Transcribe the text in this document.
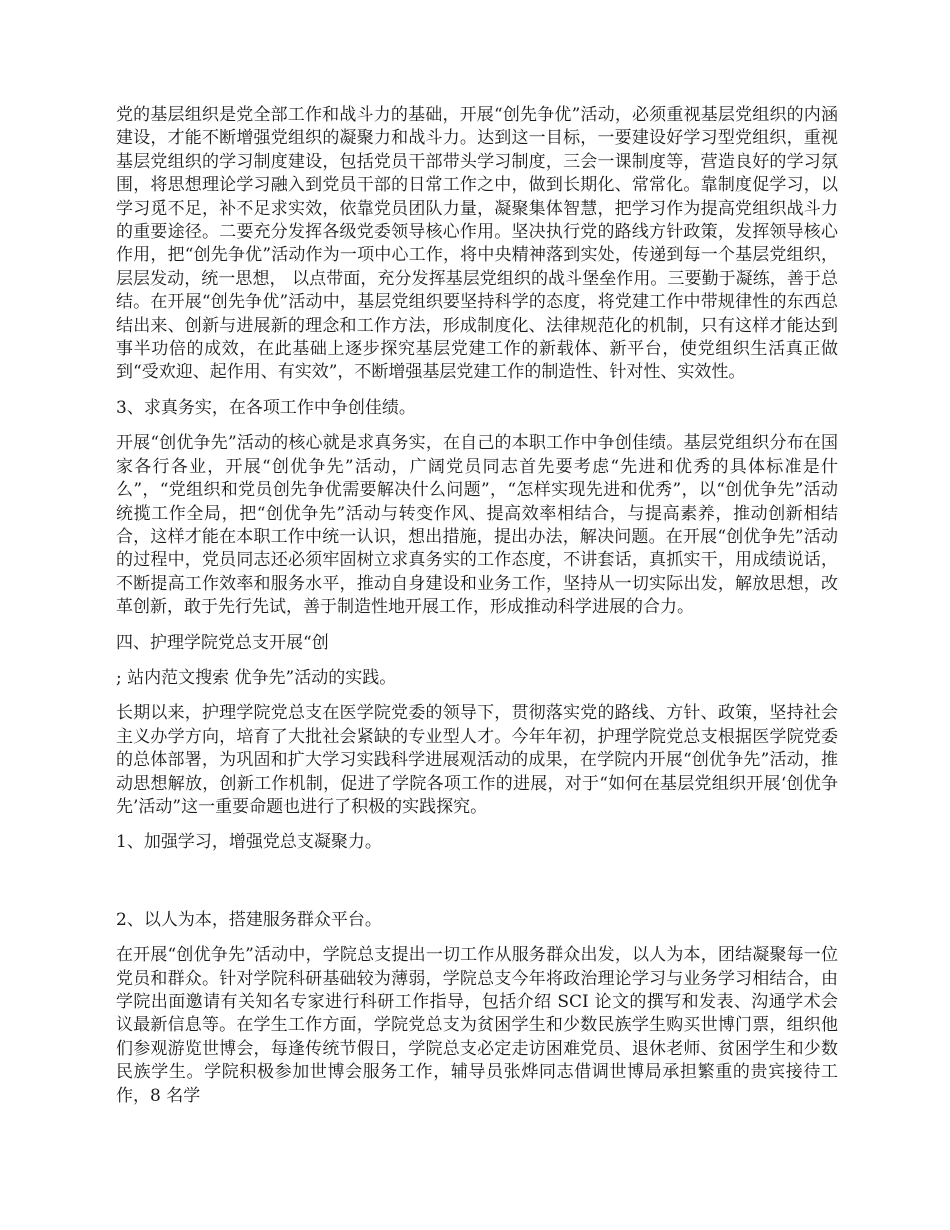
党的基层组织是党全部工作和战斗力的基础，开展“创先争优”活动，必须重视基层党组织的内涵建设，才能不断增强党组织的凝聚力和战斗力。达到这一目标，一要建设好学习型党组织，重视基层党组织的学习制度建设，包括党员干部带头学习制度，三会一课制度等，营造良好的学习氛围，将思想理论学习融入到党员干部的日常工作之中，做到长期化、常常化。靠制度促学习，以学习觅不足，补不足求实效，依靠党员团队力量，凝聚集体智慧，把学习作为提高党组织战斗力的重要途径。二要充分发挥各级党委领导核心作用。坚决执行党的路线方针政策，发挥领导核心作用，把“创先争优”活动作为一项中心工作，将中央精神落到实处，传递到每一个基层党组织，层层发动，统一思想， 以点带面，充分发挥基层党组织的战斗堡垒作用。三要勤于凝练，善于总结。在开展“创先争优”活动中，基层党组织要坚持科学的态度，将党建工作中带规律性的东西总结出来、创新与进展新的理念和工作方法，形成制度化、法律规范化的机制，只有这样才能达到事半功倍的成效，在此基础上逐步探究基层党建工作的新载体、新平台，使党组织生活真正做到“受欢迎、起作用、有实效”，不断增强基层党建工作的制造性、针对性、实效性。

3、求真务实，在各项工作中争创佳绩。

开展“创优争先”活动的核心就是求真务实，在自己的本职工作中争创佳绩。基层党组织分布在国家各行各业，开展“创优争先”活动，广阔党员同志首先要考虑“先进和优秀的具体标准是什么”，“党组织和党员创先争优需要解决什么问题”，“怎样实现先进和优秀”，以“创优争先”活动统揽工作全局，把“创优争先”活动与转变作风、提高效率相结合，与提高素养，推动创新相结合，这样才能在本职工作中统一认识，想出措施，提出办法，解决问题。在开展“创优争先”活动的过程中，党员同志还必须牢固树立求真务实的工作态度，不讲套话，真抓实干，用成绩说话，不断提高工作效率和服务水平，推动自身建设和业务工作，坚持从一切实际出发，解放思想，改革创新，敢于先行先试，善于制造性地开展工作，形成推动科学进展的合力。

四、护理学院党总支开展“创

; 站内范文搜索 优争先”活动的实践。

长期以来，护理学院党总支在医学院党委的领导下，贯彻落实党的路线、方针、政策，坚持社会主义办学方向，培育了大批社会紧缺的专业型人才。今年年初，护理学院党总支根据医学院党委的总体部署，为巩固和扩大学习实践科学进展观活动的成果，在学院内开展“创优争先”活动，推动思想解放，创新工作机制，促进了学院各项工作的进展，对于“如何在基层党组织开展‘创优争先’活动”这一重要命题也进行了积极的实践探究。

1、加强学习，增强党总支凝聚力。

2、以人为本，搭建服务群众平台。

在开展“创优争先”活动中，学院总支提出一切工作从服务群众出发，以人为本，团结凝聚每一位党员和群众。针对学院科研基础较为薄弱，学院总支今年将政治理论学习与业务学习相结合，由学院出面邀请有关知名专家进行科研工作指导，包括介绍 SCI 论文的撰写和发表、沟通学术会议最新信息等。在学生工作方面，学院党总支为贫困学生和少数民族学生购买世博门票，组织他们参观游览世博会，每逢传统节假日，学院总支必定走访困难党员、退休老师、贫困学生和少数民族学生。学院积极参加世博会服务工作，辅导员张烨同志借调世博局承担繁重的贵宾接待工作，8 名学
